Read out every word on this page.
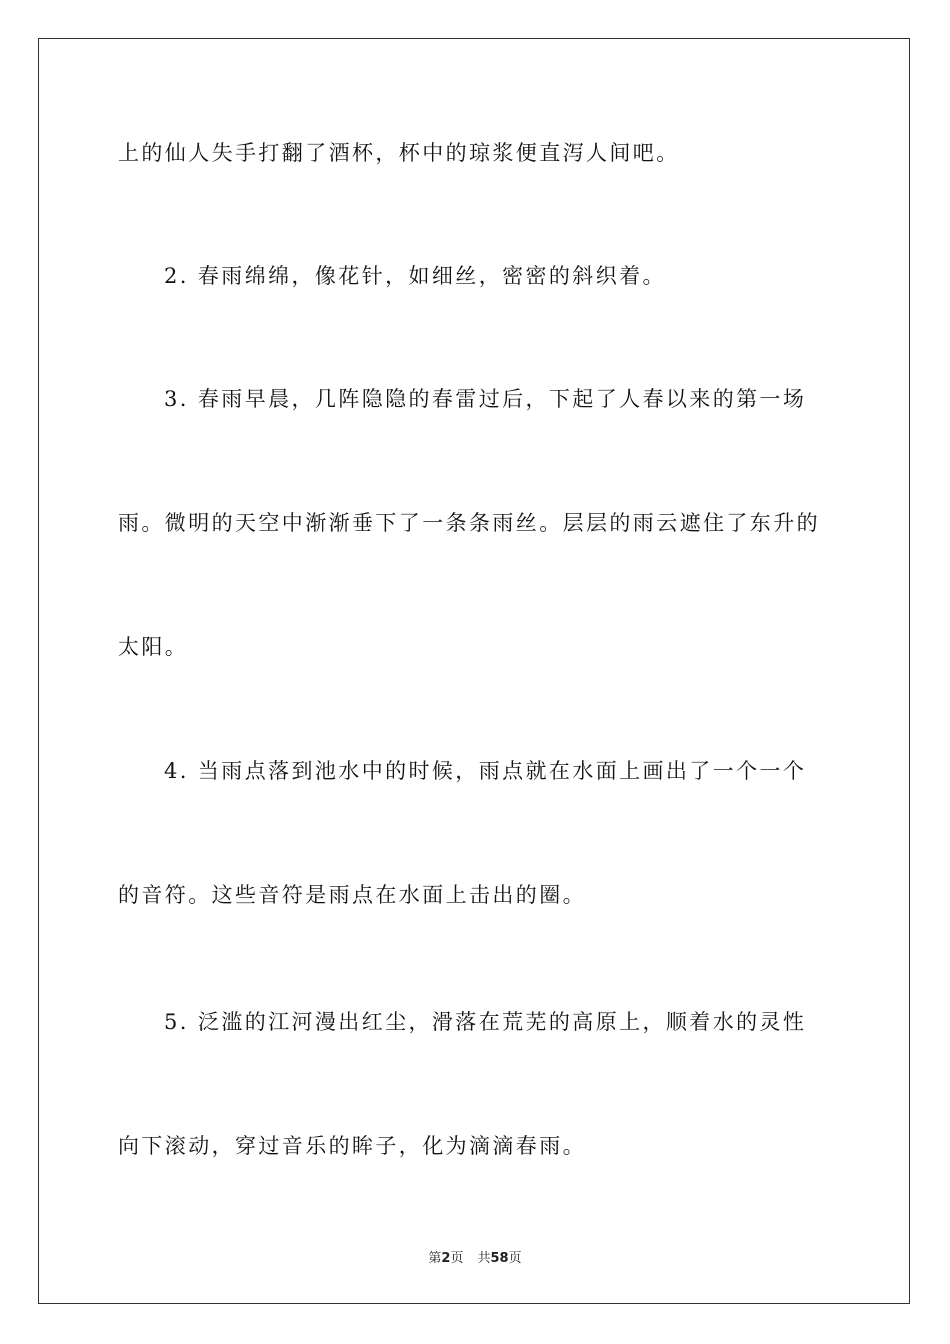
上的仙人失手打翻了酒杯，杯中的琼浆便直泻人间吧。
2. 春雨绵绵，像花针，如细丝，密密的斜织着。
3. 春雨早晨，几阵隐隐的春雷过后，下起了人春以来的第一场
雨。微明的天空中渐渐垂下了一条条雨丝。层层的雨云遮住了东升的
太阳。
4. 当雨点落到池水中的时候，雨点就在水面上画出了一个一个
的音符。这些音符是雨点在水面上击出的圈。
5. 泛滥的江河漫出红尘，滑落在荒芜的高原上，顺着水的灵性
向下滚动，穿过音乐的眸子，化为滴滴春雨。
第2页 共58页
